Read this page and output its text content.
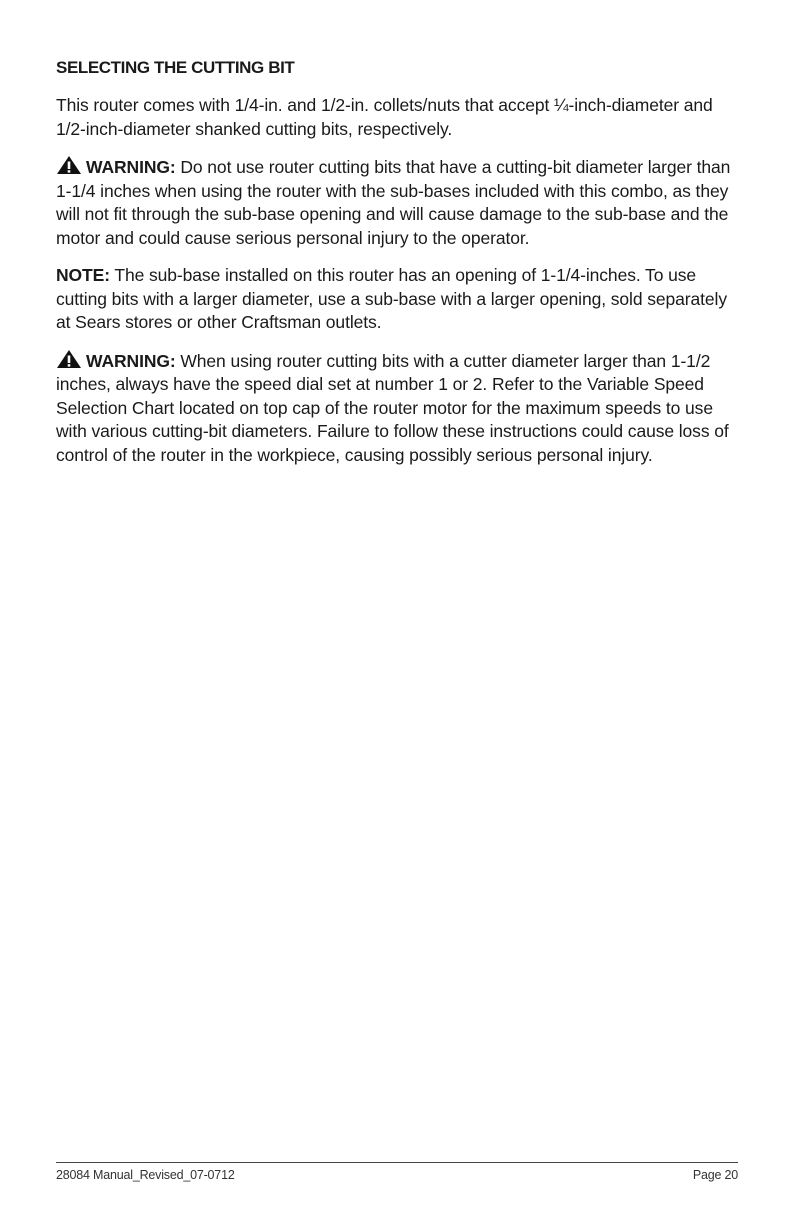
SELECTING THE CUTTING BIT

This router comes with 1/4-in. and 1/2-in. collets/nuts that accept ¼-inch-diameter and 1/2-inch-diameter shanked cutting bits, respectively.

WARNING: Do not use router cutting bits that have a cutting-bit diameter larger than 1-1/4 inches when using the router with the sub-bases included with this combo, as they will not fit through the sub-base opening and will cause damage to the sub-base and the motor and could cause serious personal injury to the operator.

NOTE: The sub-base installed on this router has an opening of 1-1/4-inches. To use cutting bits with a larger diameter, use a sub-base with a larger opening, sold separately at Sears stores or other Craftsman outlets.

WARNING: When using router cutting bits with a cutter diameter larger than 1-1/2 inches, always have the speed dial set at number 1 or 2. Refer to the Variable Speed Selection Chart located on top cap of the router motor for the maximum speeds to use with various cutting-bit diameters. Failure to follow these instructions could cause loss of control of the router in the workpiece, causing possibly serious personal injury.

28084 Manual_Revised_07-0712	Page 20
